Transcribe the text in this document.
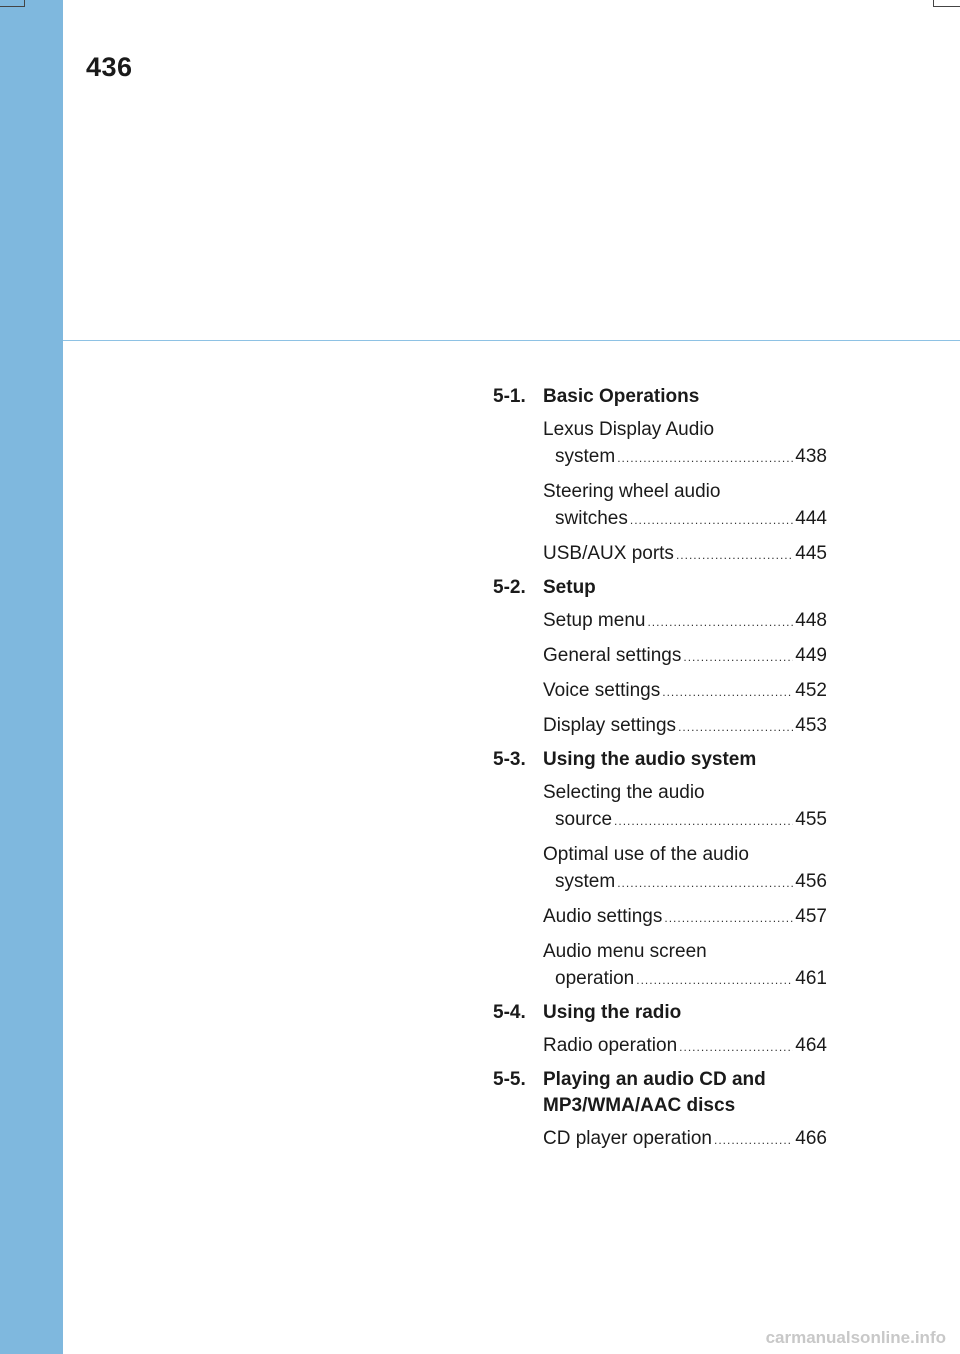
436
5-1. Basic Operations
Lexus Display Audio
system .....	438
Steering wheel audio
switches .....	444
USB/AUX ports .....	445
5-2. Setup
Setup menu .....	448
General settings .....	449
Voice settings .....	452
Display settings .....	453
5-3. Using the audio system
Selecting the audio
source .....	455
Optimal use of the audio
system .....	456
Audio settings .....	457
Audio menu screen
operation .....	461
5-4. Using the radio
Radio operation .....	464
5-5. Playing an audio CD and MP3/WMA/AAC discs
CD player operation .....	466
carmanualsonline.info
